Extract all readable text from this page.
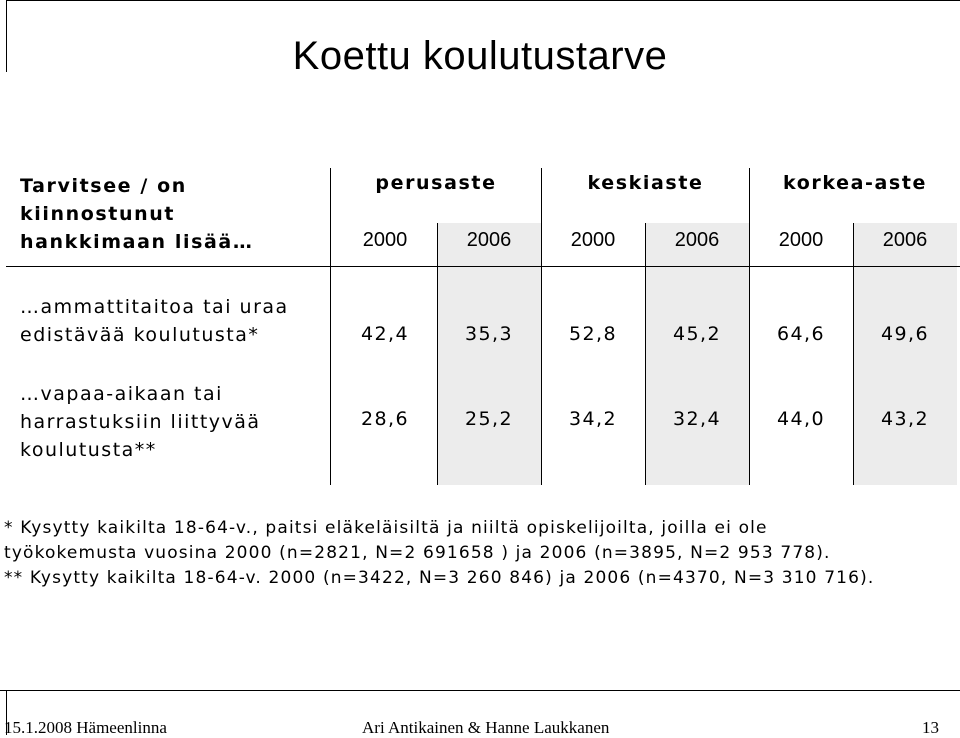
Koettu koulutustarve
Tarvitsee / on
kiinnostunut
hankkimaan lisää…
perusaste	keskiaste	korkea-aste
2000	2006	2000	2006	2000	2006
…ammattitaitoa tai uraa
edistävää koulutusta*	42,4	35,3	52,8	45,2	64,6	49,6
…vapaa-aikaan tai
harrastuksiin liittyvää
koulutusta**
28,6	25,2	34,2	32,4	44,0	43,2
* Kysytty kaikilta 18-64-v., paitsi eläkeläisiltä ja niiltä opiskelijoilta, joilla ei ole
työkokemusta vuosina 2000 (n=2821, N=2 691658 ) ja 2006 (n=3895, N=2 953 778).
** Kysytty kaikilta 18-64-v. 2000 (n=3422, N=3 260 846) ja 2006 (n=4370, N=3 310 716).
15.1.2008 Hämeenlinna	Ari Antikainen & Hanne Laukkanen	13
